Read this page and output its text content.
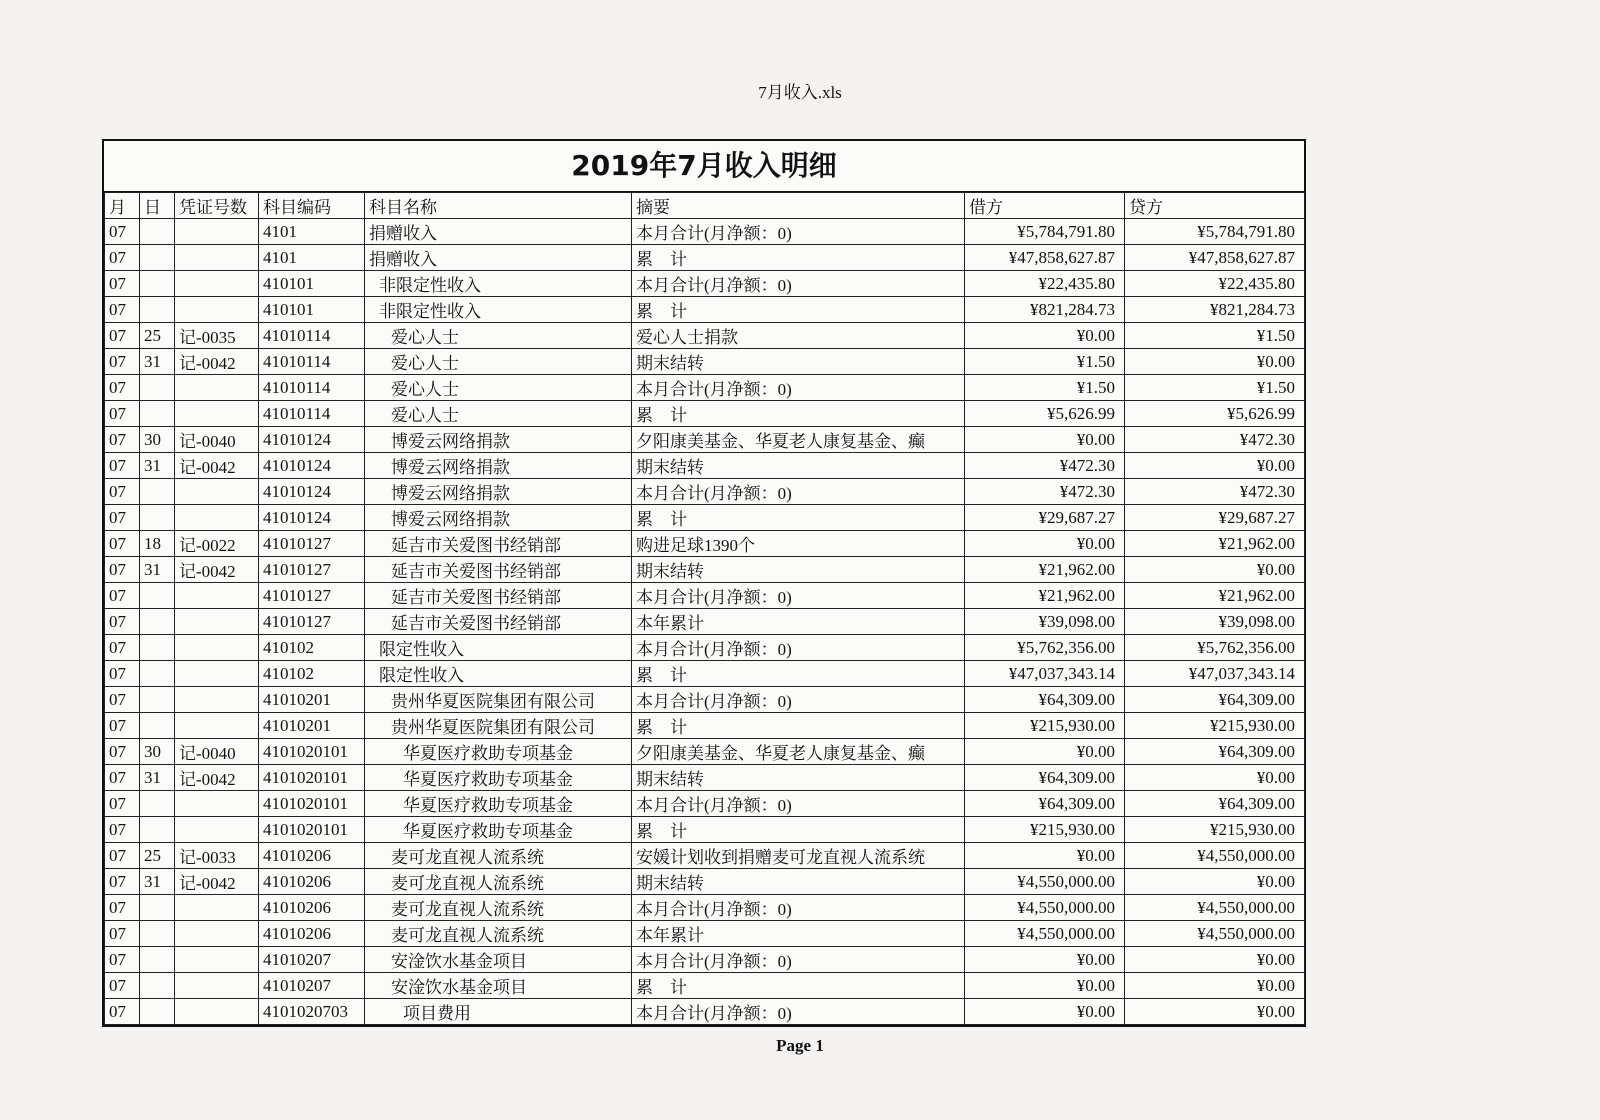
7月收入.xls
2019年7月收入明细
月	日	凭证号数	科目编码	科目名称	摘要	借方	贷方
07			4101	捐赠收入	本月合计(月净额：0)	¥5,784,791.80	¥5,784,791.80
07			4101	捐赠收入	累　计	¥47,858,627.87	¥47,858,627.87
07			410101	非限定性收入	本月合计(月净额：0)	¥22,435.80	¥22,435.80
07			410101	非限定性收入	累　计	¥821,284.73	¥821,284.73
07	25	记-0035	41010114	爱心人士	爱心人士捐款	¥0.00	¥1.50
07	31	记-0042	41010114	爱心人士	期末结转	¥1.50	¥0.00
07			41010114	爱心人士	本月合计(月净额：0)	¥1.50	¥1.50
07			41010114	爱心人士	累　计	¥5,626.99	¥5,626.99
07	30	记-0040	41010124	博爱云网络捐款	夕阳康美基金、华夏老人康复基金、癫	¥0.00	¥472.30
07	31	记-0042	41010124	博爱云网络捐款	期末结转	¥472.30	¥0.00
07			41010124	博爱云网络捐款	本月合计(月净额：0)	¥472.30	¥472.30
07			41010124	博爱云网络捐款	累　计	¥29,687.27	¥29,687.27
07	18	记-0022	41010127	延吉市关爱图书经销部	购进足球1390个	¥0.00	¥21,962.00
07	31	记-0042	41010127	延吉市关爱图书经销部	期末结转	¥21,962.00	¥0.00
07			41010127	延吉市关爱图书经销部	本月合计(月净额：0)	¥21,962.00	¥21,962.00
07			41010127	延吉市关爱图书经销部	本年累计	¥39,098.00	¥39,098.00
07			410102	限定性收入	本月合计(月净额：0)	¥5,762,356.00	¥5,762,356.00
07			410102	限定性收入	累　计	¥47,037,343.14	¥47,037,343.14
07			41010201	贵州华夏医院集团有限公司	本月合计(月净额：0)	¥64,309.00	¥64,309.00
07			41010201	贵州华夏医院集团有限公司	累　计	¥215,930.00	¥215,930.00
07	30	记-0040	4101020101	华夏医疗救助专项基金	夕阳康美基金、华夏老人康复基金、癫	¥0.00	¥64,309.00
07	31	记-0042	4101020101	华夏医疗救助专项基金	期末结转	¥64,309.00	¥0.00
07			4101020101	华夏医疗救助专项基金	本月合计(月净额：0)	¥64,309.00	¥64,309.00
07			4101020101	华夏医疗救助专项基金	累　计	¥215,930.00	¥215,930.00
07	25	记-0033	41010206	麦可龙直视人流系统	安媛计划收到捐赠麦可龙直视人流系统	¥0.00	¥4,550,000.00
07	31	记-0042	41010206	麦可龙直视人流系统	期末结转	¥4,550,000.00	¥0.00
07			41010206	麦可龙直视人流系统	本月合计(月净额：0)	¥4,550,000.00	¥4,550,000.00
07			41010206	麦可龙直视人流系统	本年累计	¥4,550,000.00	¥4,550,000.00
07			41010207	安淦饮水基金项目	本月合计(月净额：0)	¥0.00	¥0.00
07			41010207	安淦饮水基金项目	累　计	¥0.00	¥0.00
07			4101020703	项目费用	本月合计(月净额：0)	¥0.00	¥0.00
Page 1
